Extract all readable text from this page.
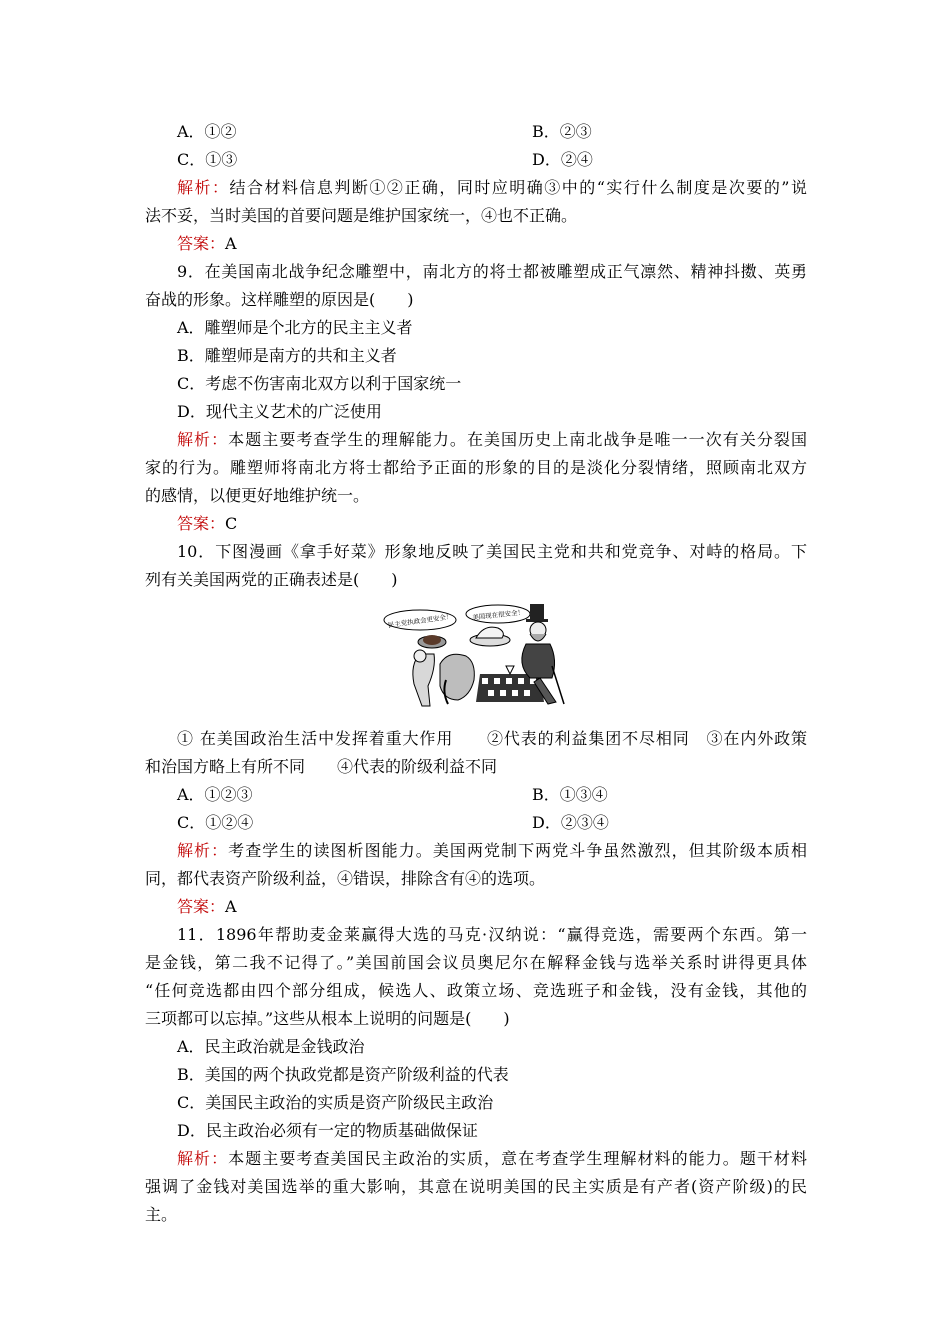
A．①②	B．②③
C．①③	D．②④
解析：结合材料信息判断①②正确，同时应明确③中的“实行什么制度是次要的”说
法不妥，当时美国的首要问题是维护国家统一，④也不正确。
答案：A
9．在美国南北战争纪念雕塑中，南北方的将士都被雕塑成正气凛然、精神抖擞、英勇
奋战的形象。这样雕塑的原因是(　　)
A．雕塑师是个北方的民主主义者
B．雕塑师是南方的共和主义者
C．考虑不伤害南北双方以利于国家统一
D．现代主义艺术的广泛使用
解析：本题主要考查学生的理解能力。在美国历史上南北战争是唯一一次有关分裂国
家的行为。雕塑师将南北方将士都给予正面的形象的目的是淡化分裂情绪，照顾南北双方
的感情，以便更好地维护统一。
答案：C
10．下图漫画《拿手好菜》形象地反映了美国民主党和共和党竞争、对峙的格局。下
列有关美国两党的正确表述是(　　)
民主党执政会更安全！	美国现在很安全！
① 在美国政治生活中发挥着重大作用　　②代表的利益集团不尽相同　③在内外政策
和治国方略上有所不同　　④代表的阶级利益不同
A．①②③	B．①③④
C．①②④	D．②③④
解析：考查学生的读图析图能力。美国两党制下两党斗争虽然激烈，但其阶级本质相
同，都代表资产阶级利益，④错误，排除含有④的选项。
答案：A
11．1896年帮助麦金莱赢得大选的马克·汉纳说：“赢得竞选，需要两个东西。第一
是金钱，第二我不记得了。”美国前国会议员奥尼尔在解释金钱与选举关系时讲得更具体
“任何竞选都由四个部分组成，候选人、政策立场、竞选班子和金钱，没有金钱，其他的
三项都可以忘掉。”这些从根本上说明的问题是(　　)
A．民主政治就是金钱政治
B．美国的两个执政党都是资产阶级利益的代表
C．美国民主政治的实质是资产阶级民主政治
D．民主政治必须有一定的物质基础做保证
解析：本题主要考查美国民主政治的实质，意在考查学生理解材料的能力。题干材料
强调了金钱对美国选举的重大影响，其意在说明美国的民主实质是有产者(资产阶级)的民
主。
